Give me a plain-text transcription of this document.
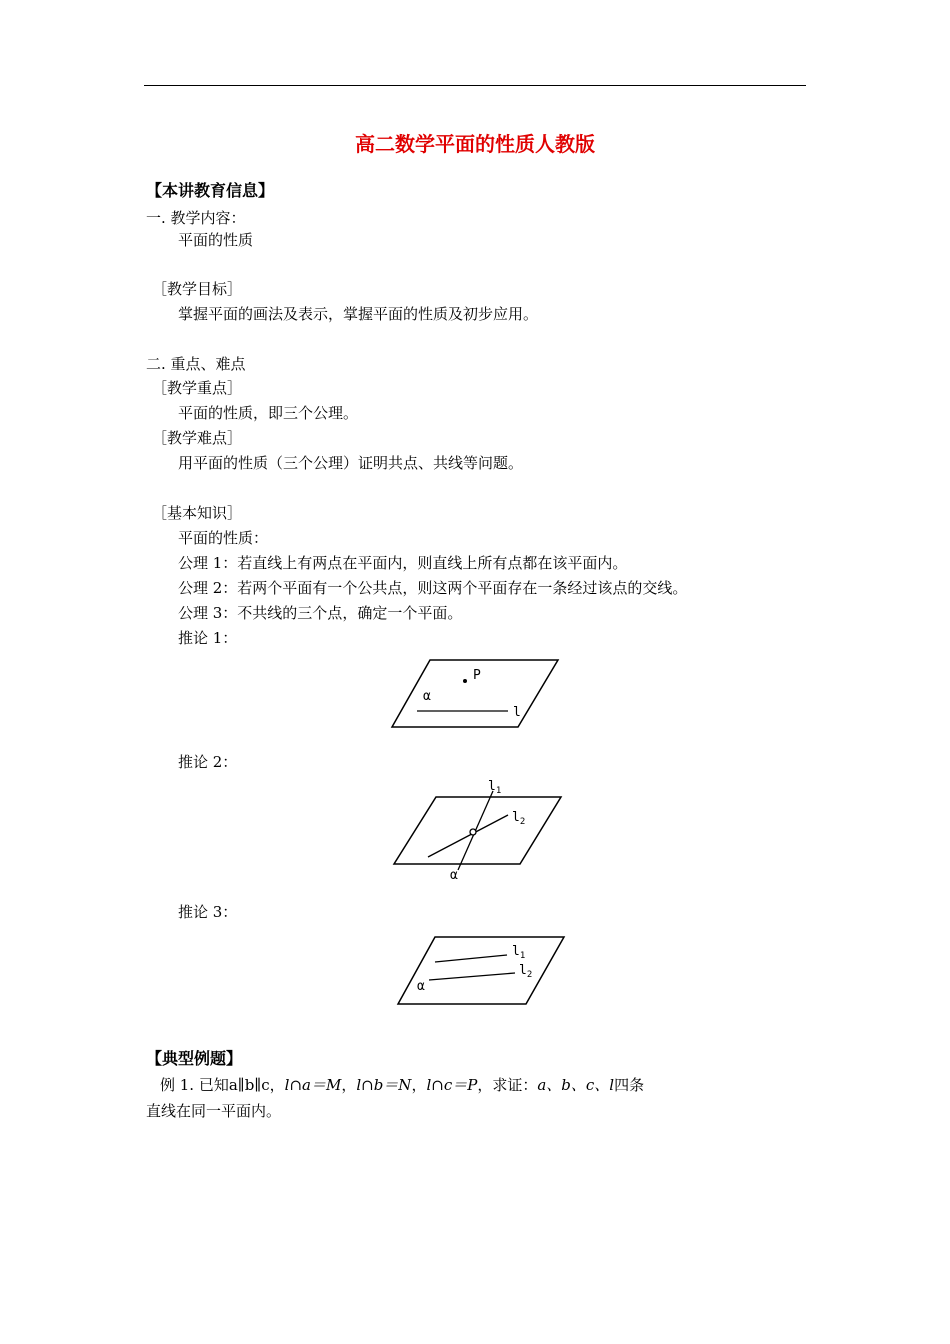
高二数学平面的性质人教版
【本讲教育信息】
一. 教学内容：
平面的性质
［教学目标］
掌握平面的画法及表示，掌握平面的性质及初步应用。
二. 重点、难点
［教学重点］
平面的性质，即三个公理。
［教学难点］
用平面的性质（三个公理）证明共点、共线等问题。
［基本知识］
平面的性质：
公理 1：若直线上有两点在平面内，则直线上所有点都在该平面内。
公理 2：若两个平面有一个公共点，则这两个平面存在一条经过该点的交线。
公理 3：不共线的三个点，确定一个平面。
推论 1：
P
α
l
推论 2：
$l_1$
$l_2$
α
推论 3：
$l_1$
$l_2$
α
【典型例题】
例 1. 已知a∥b∥c，l∩a＝M，l∩b＝N，l∩c＝P，求证：a、b、c、l四条
直线在同一平面内。
